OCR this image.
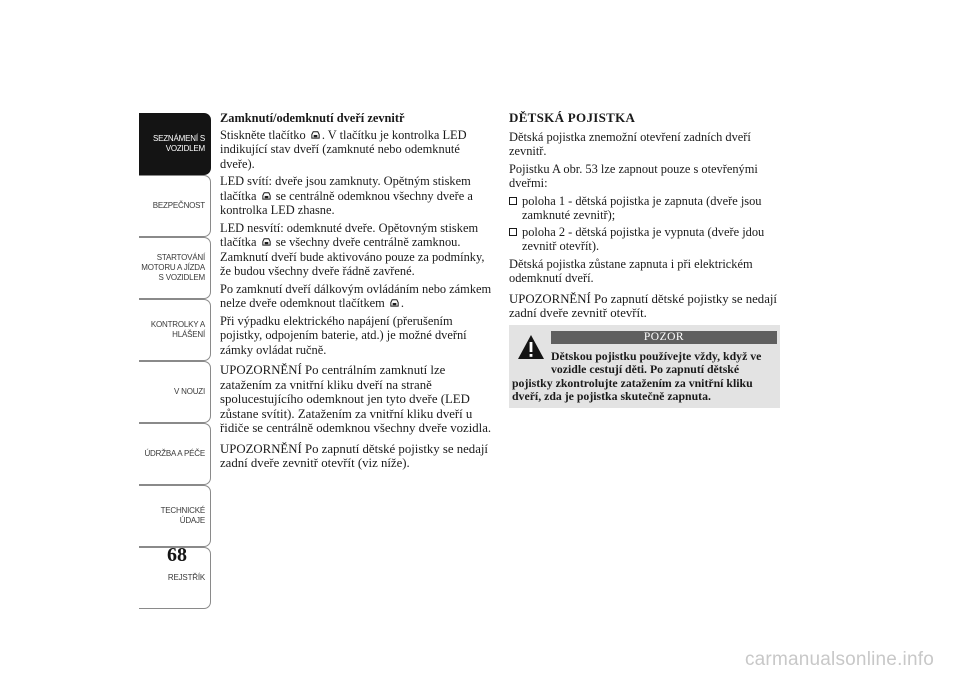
SEZNÁMENÍ S
VOZIDLEM
BEZPEČNOST
STARTOVÁNÍ
MOTORU A JÍZDA
S VOZIDLEM
KONTROLKY A
HLÁŠENÍ
V NOUZI
ÚDRŽBA A PÉČE
TECHNICKÉ
ÚDAJE
REJSTŘÍK
68

Zamknutí/odemknutí dveří zevnitř

Stiskněte tlačítko . V tlačítku je kontrolka LED indikující stav dveří (zamknuté nebo odemknuté dveře).

LED svítí: dveře jsou zamknuty. Opětným stiskem tlačítka se centrálně odemknou všechny dveře a kontrolka LED zhasne.

LED nesvítí: odemknuté dveře. Opětovným stiskem tlačítka se všechny dveře centrálně zamknou. Zamknutí dveří bude aktivováno pouze za podmínky, že budou všechny dveře řádně zavřené.

Po zamknutí dveří dálkovým ovládáním nebo zámkem nelze dveře odemknout tlačítkem .

Při výpadku elektrického napájení (přerušením pojistky, odpojením baterie, atd.) je možné dveřní zámky ovládat ručně.

UPOZORNĚNÍ Po centrálním zamknutí lze zatažením za vnitřní kliku dveří na straně spolucestujícího odemknout jen tyto dveře (LED zůstane svítit). Zatažením za vnitřní kliku dveří u řidiče se centrálně odemknou všechny dveře vozidla.

UPOZORNĚNÍ Po zapnutí dětské pojistky se nedají zadní dveře zevnitř otevřít (viz níže).

DĚTSKÁ POJISTKA

Dětská pojistka znemožní otevření zadních dveří zevnitř.

Pojistku A obr. 53 lze zapnout pouze s otevřenými dveřmi:

poloha 1 - dětská pojistka je zapnuta (dveře jsou zamknuté zevnitř);
poloha 2 - dětská pojistka je vypnuta (dveře jdou zevnitř otevřít).

Dětská pojistka zůstane zapnuta i při elektrickém odemknutí dveří.

UPOZORNĚNÍ Po zapnutí dětské pojistky se nedají zadní dveře zevnitř otevřít.

POZOR
Dětskou pojistku používejte vždy, když ve
vozidle cestují děti. Po zapnutí dětské
pojistky zkontrolujte zatažením za vnitřní kliku dveří, zda je pojistka skutečně zapnuta.
carmanualsonline.info
